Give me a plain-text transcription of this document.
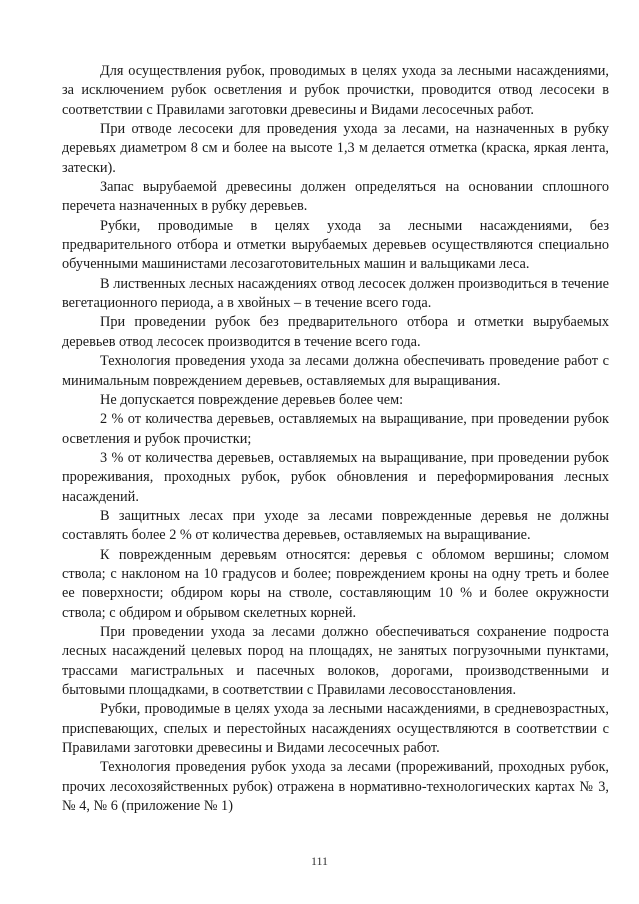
Для осуществления рубок, проводимых в целях ухода за лесными насаждениями, за исключением рубок осветления и рубок прочистки, проводится отвод лесосеки в соответствии с Правилами заготовки древесины и Видами лесосечных работ.

При отводе лесосеки для проведения ухода за лесами, на назначенных в рубку деревьях диаметром 8 см и более на высоте 1,3 м делается отметка (краска, яркая лента, затески).

Запас вырубаемой древесины должен определяться на основании сплошного перечета назначенных в рубку деревьев.

Рубки, проводимые в целях ухода за лесными насаждениями, без предварительного отбора и отметки вырубаемых деревьев осуществляются специально обученными машинистами лесозаготовительных машин и вальщиками леса.

В лиственных лесных насаждениях отвод лесосек должен производиться в течение вегетационного периода, а в хвойных – в течение всего года.

При проведении рубок без предварительного отбора и отметки вырубаемых деревьев отвод лесосек производится в течение всего года.

Технология проведения ухода за лесами должна обеспечивать проведение работ с минимальным повреждением деревьев, оставляемых для выращивания.

Не допускается повреждение деревьев более чем:

2 % от количества деревьев, оставляемых на выращивание, при проведении рубок осветления и рубок прочистки;

3 % от количества деревьев, оставляемых на выращивание, при проведении рубок прореживания, проходных рубок, рубок обновления и переформирования лесных насаждений.

В защитных лесах при уходе за лесами поврежденные деревья не должны составлять более 2 % от количества деревьев, оставляемых на выращивание.

К поврежденным деревьям относятся: деревья с обломом вершины; сломом ствола; с наклоном на 10 градусов и более; повреждением кроны на одну треть и более ее поверхности; обдиром коры на стволе, составляющим 10 % и более окружности ствола; с обдиром и обрывом скелетных корней.

При проведении ухода за лесами должно обеспечиваться сохранение подроста лесных насаждений целевых пород на площадях, не занятых погрузочными пунктами, трассами магистральных и пасечных волоков, дорогами, производственными и бытовыми площадками, в соответствии с Правилами лесовосстановления.

Рубки, проводимые в целях ухода за лесными насаждениями, в средневозрастных, приспевающих, спелых и перестойных насаждениях осуществляются в соответствии с Правилами заготовки древесины и Видами лесосечных работ.

Технология проведения рубок ухода за лесами (прореживаний, проходных рубок, прочих лесохозяйственных рубок) отражена в нормативно-технологических картах № 3, № 4, № 6 (приложение № 1)

111
